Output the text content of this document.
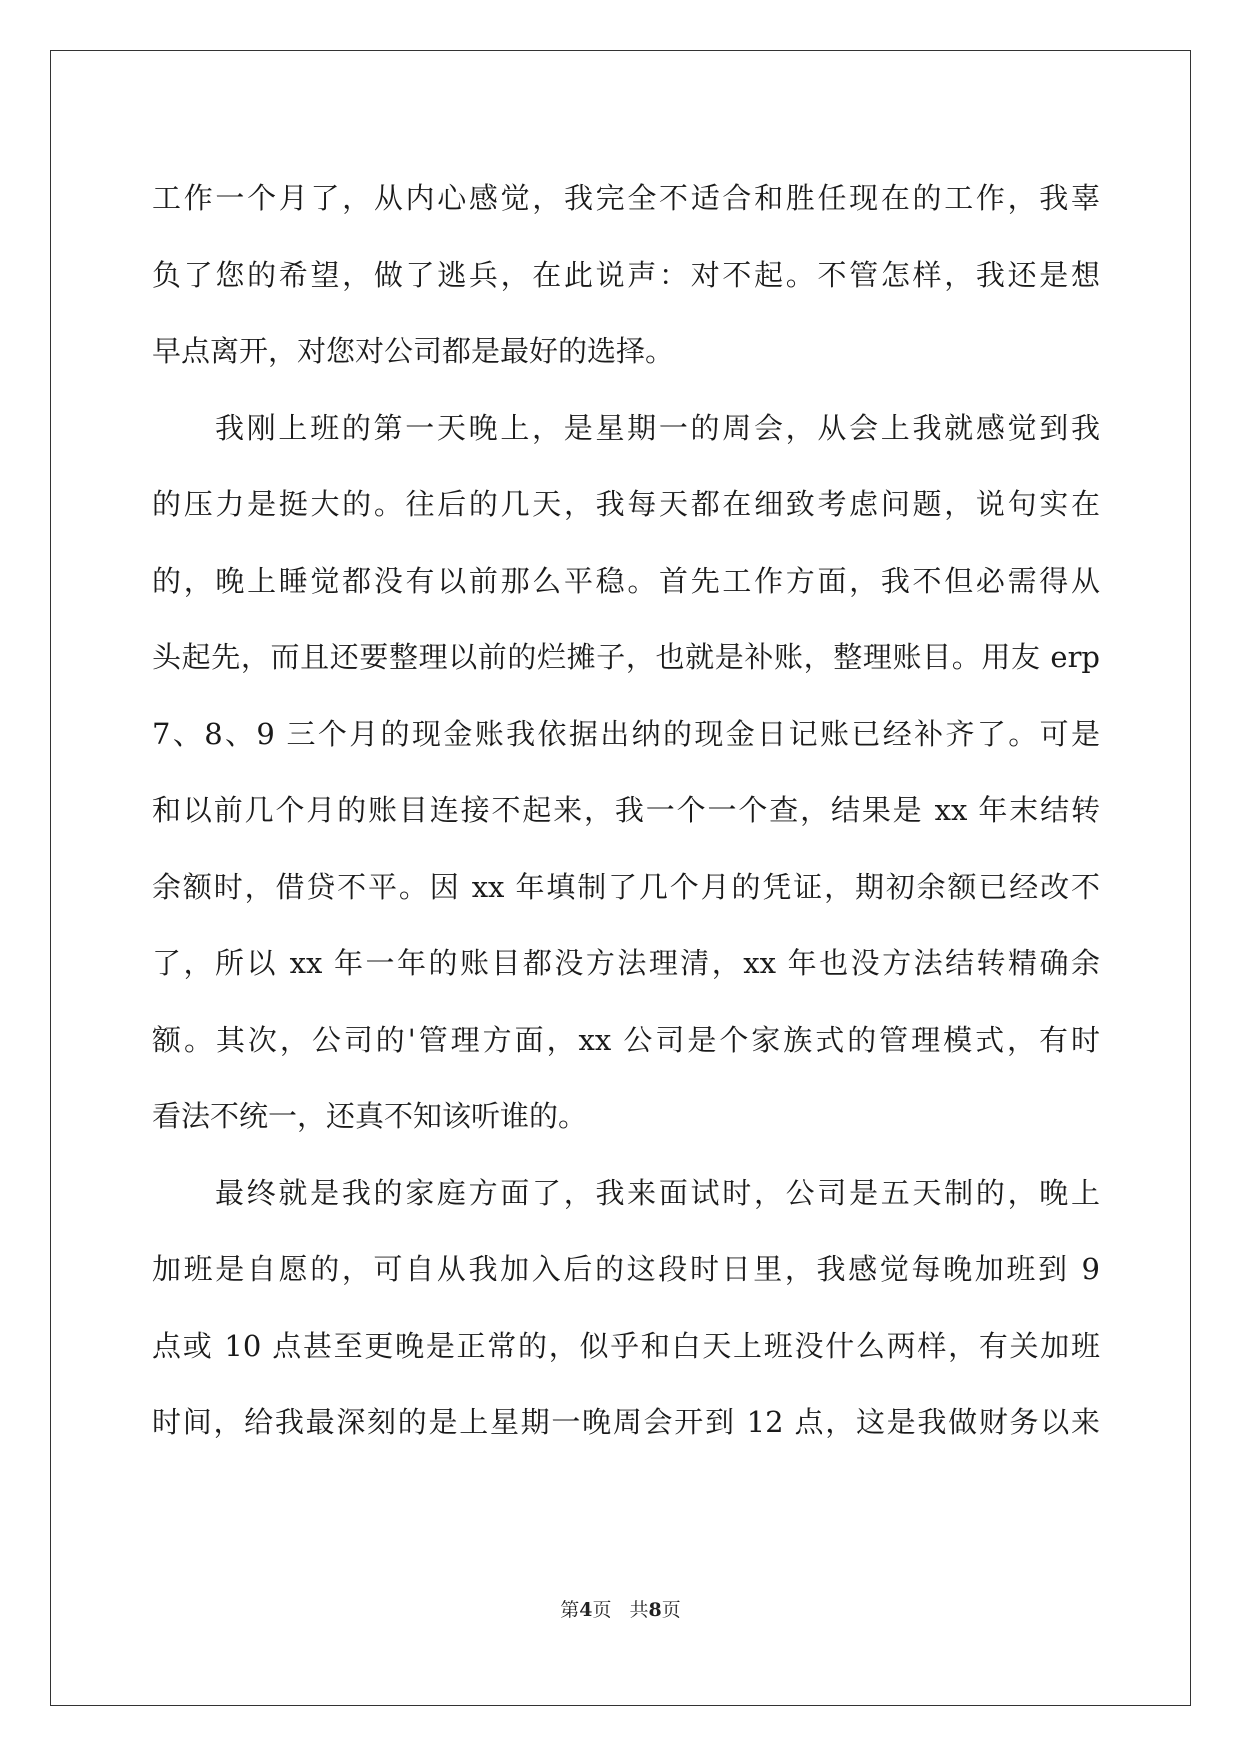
工作一个月了，从内心感觉，我完全不适合和胜任现在的工作，我辜
负了您的希望，做了逃兵，在此说声：对不起。不管怎样，我还是想
早点离开，对您对公司都是最好的选择。
我刚上班的第一天晚上，是星期一的周会，从会上我就感觉到我
的压力是挺大的。往后的几天，我每天都在细致考虑问题，说句实在
的，晚上睡觉都没有以前那么平稳。首先工作方面，我不但必需得从
头起先，而且还要整理以前的烂摊子，也就是补账，整理账目。用友 erp
7、8、9 三个月的现金账我依据出纳的现金日记账已经补齐了。可是
和以前几个月的账目连接不起来，我一个一个查，结果是 xx 年末结转
余额时，借贷不平。因 xx 年填制了几个月的凭证，期初余额已经改不
了，所以 xx 年一年的账目都没方法理清，xx 年也没方法结转精确余
额。其次，公司的'管理方面，xx 公司是个家族式的管理模式，有时
看法不统一，还真不知该听谁的。
最终就是我的家庭方面了，我来面试时，公司是五天制的，晚上
加班是自愿的，可自从我加入后的这段时日里，我感觉每晚加班到 9
点或 10 点甚至更晚是正常的，似乎和白天上班没什么两样，有关加班
时间，给我最深刻的是上星期一晚周会开到 12 点，这是我做财务以来
第4页 共8页
